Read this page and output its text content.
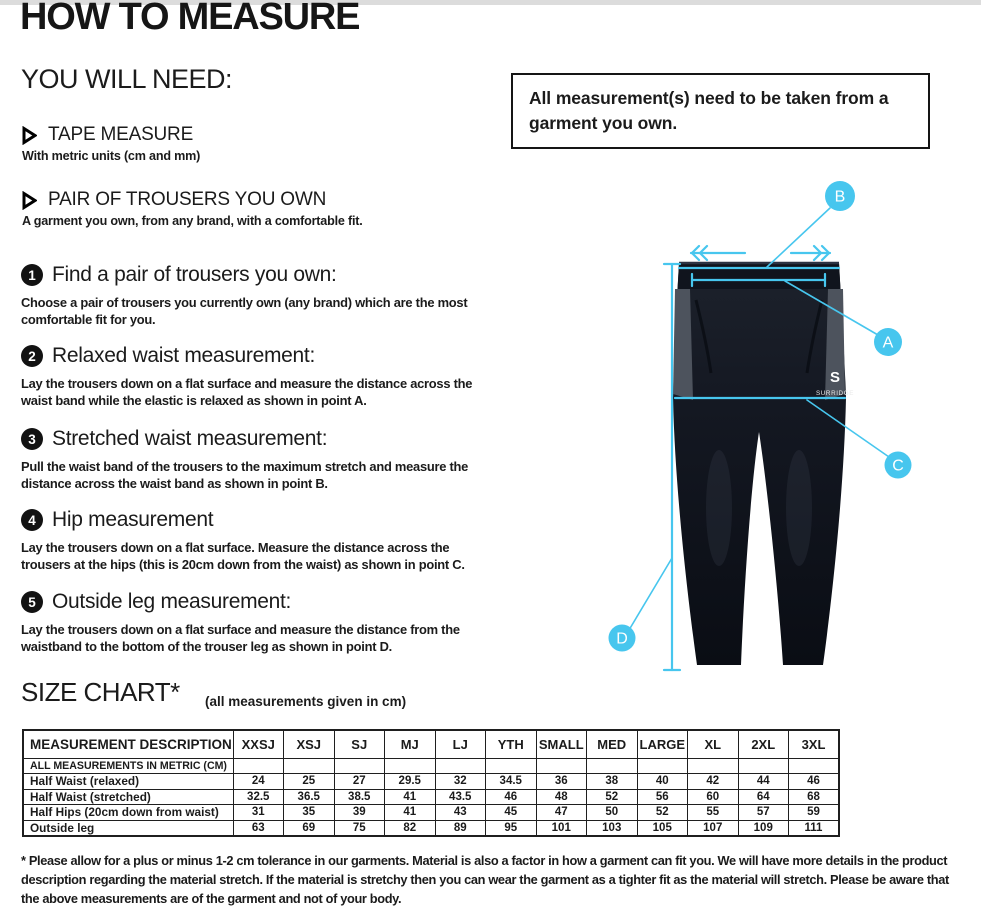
HOW TO MEASURE
YOU WILL NEED:
TAPE MEASURE
With metric units (cm and mm)
PAIR OF TROUSERS YOU OWN
A garment you own, from any brand, with a comfortable fit.
1 Find a pair of trousers you own:
Choose a pair of trousers you currently own (any brand) which are the most comfortable fit for you.
2 Relaxed waist measurement:
Lay the trousers down on a flat surface and measure the distance across the waist band while the elastic is relaxed as shown in point A.
3 Stretched waist measurement:
Pull the waist band of the trousers to the maximum stretch and measure the distance across the waist band as shown in point B.
4 Hip measurement
Lay the trousers down on a flat surface. Measure the distance across the trousers at the hips (this is 20cm down from the waist) as shown in point C.
5 Outside leg measurement:
Lay the trousers down on a flat surface and measure the distance from the waistband to the bottom of the trouser leg as shown in point D.
All measurement(s) need to be taken from a garment you own.
S
SURRIDGE
B
A
C
D
SIZE CHART* (all measurements given in cm)
MEASUREMENT DESCRIPTION	XXSJ	XSJ	SJ	MJ	LJ	YTH	SMALL	MED	LARGE	XL	2XL	3XL
ALL MEASUREMENTS IN METRIC (CM)												
Half Waist (relaxed)	24	25	27	29.5	32	34.5	36	38	40	42	44	46
Half Waist (stretched)	32.5	36.5	38.5	41	43.5	46	48	52	56	60	64	68
Half Hips (20cm down from waist)	31	35	39	41	43	45	47	50	52	55	57	59
Outside leg	63	69	75	82	89	95	101	103	105	107	109	111
* Please allow for a plus or minus 1-2 cm tolerance in our garments. Material is also a factor in how a garment can fit you. We will have more details in the product description regarding the material stretch. If the material is stretchy then you can wear the garment as a tighter fit as the material will stretch. Please be aware that the above measurements are of the garment and not of your body.
